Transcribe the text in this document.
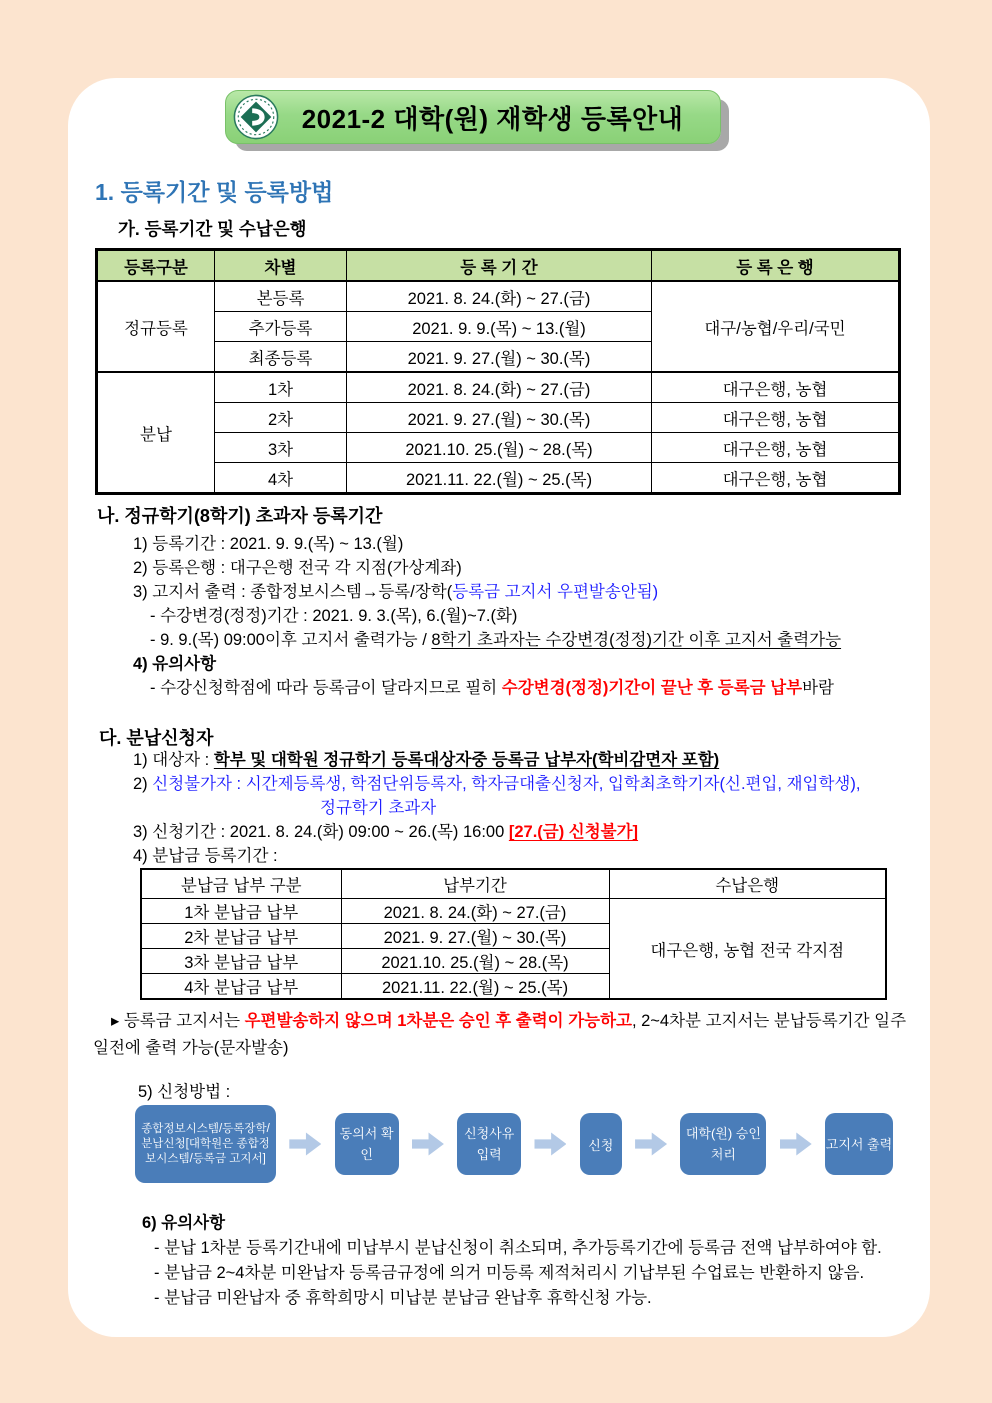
2021-2 대학(원) 재학생 등록안내
1. 등록기간 및 등록방법
가. 등록기간 및 수납은행
등록구분	차별	등 록 기 간	등 록 은 행
정규등록	본등록	2021. 8. 24.(화) ~ 27.(금)	대구/농협/우리/국민
	추가등록	2021. 9. 9.(목) ~ 13.(월)	
	최종등록	2021. 9. 27.(월) ~ 30.(목)	
분납	1차	2021. 8. 24.(화) ~ 27.(금)	대구은행, 농협
	2차	2021. 9. 27.(월) ~ 30.(목)	대구은행, 농협
	3차	2021.10. 25.(월) ~ 28.(목)	대구은행, 농협
	4차	2021.11. 22.(월) ~ 25.(목)	대구은행, 농협
나. 정규학기(8학기) 초과자 등록기간
1) 등록기간 : 2021. 9. 9.(목) ~ 13.(월)
2) 등록은행 : 대구은행 전국 각 지점(가상계좌)
3) 고지서 출력 : 종합정보시스템→등록/장학(등록금 고지서 우편발송안됨)
- 수강변경(정정)기간 : 2021. 9. 3.(목), 6.(월)~7.(화)
- 9. 9.(목) 09:00이후 고지서 출력가능 / 8학기 초과자는 수강변경(정정)기간 이후 고지서 출력가능
4) 유의사항
- 수강신청학점에 따라 등록금이 달라지므로 필히 수강변경(정정)기간이 끝난 후 등록금 납부바람
다. 분납신청자
1) 대상자 : 학부 및 대학원 정규학기 등록대상자중 등록금 납부자(학비감면자 포함)
2) 신청불가자 : 시간제등록생, 학점단위등록자, 학자금대출신청자, 입학최초학기자(신.편입, 재입학생),
정규학기 초과자
3) 신청기간 : 2021. 8. 24.(화) 09:00 ~ 26.(목) 16:00 [27.(금) 신청불가]
4) 분납금 등록기간 :
분납금 납부 구분	납부기간	수납은행
1차 분납금 납부	2021. 8. 24.(화) ~ 27.(금)	대구은행, 농협 전국 각지점
2차 분납금 납부	2021. 9. 27.(월) ~ 30.(목)	
3차 분납금 납부	2021.10. 25.(월) ~ 28.(목)	
4차 분납금 납부	2021.11. 22.(월) ~ 25.(목)	
▸ 등록금 고지서는 우편발송하지 않으며 1차분은 승인 후 출력이 가능하고, 2~4차분 고지서는 분납등록기간 일주일전에 출력 가능(문자발송)
5) 신청방법 :
종합정보시스템/등록장학/분납신청[대학원은 종합정보시스템/등록금 고지서]
동의서 확인
신청사유 입력
신청
대학(원) 승인처리
고지서 출력
6) 유의사항
- 분납 1차분 등록기간내에 미납부시 분납신청이 취소되며, 추가등록기간에 등록금 전액 납부하여야 함.
- 분납금 2~4차분 미완납자 등록금규정에 의거 미등록 제적처리시 기납부된 수업료는 반환하지 않음.
- 분납금 미완납자 중 휴학희망시 미납분 분납금 완납후 휴학신청 가능.
